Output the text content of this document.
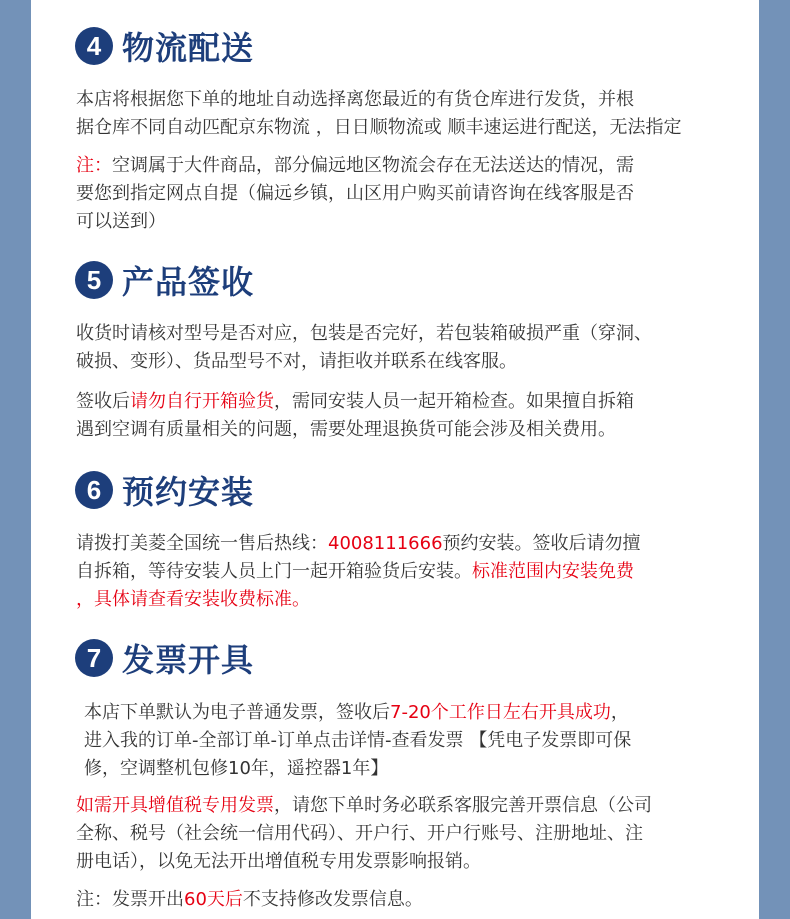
4 物流配送
本店将根据您下单的地址自动选择离您最近的有货仓库进行发货，并根
据仓库不同自动匹配京东物流 ，日日顺物流或 顺丰速运进行配送，无法指定
注：空调属于大件商品，部分偏远地区物流会存在无法送达的情况，需
要您到指定网点自提（偏远乡镇，山区用户购买前请咨询在线客服是否
可以送到）
5 产品签收
收货时请核对型号是否对应，包装是否完好，若包装箱破损严重（穿洞、
破损、变形）、货品型号不对，请拒收并联系在线客服。
签收后请勿自行开箱验货，需同安装人员一起开箱检查。如果擅自拆箱
遇到空调有质量相关的问题，需要处理退换货可能会涉及相关费用。
6 预约安装
请拨打美菱全国统一售后热线：4008111666预约安装。签收后请勿擅
自拆箱，等待安装人员上门一起开箱验货后安装。标准范围内安装免费
，具体请查看安装收费标准。
7 发票开具
本店下单默认为电子普通发票，签收后7-20个工作日左右开具成功，
进入我的订单-全部订单-订单点击详情-查看发票 【凭电子发票即可保
修，空调整机包修10年，遥控器1年】
如需开具增值税专用发票，请您下单时务必联系客服完善开票信息（公司
全称、税号（社会统一信用代码）、开户行、开户行账号、注册地址、注
册电话），以免无法开出增值税专用发票影响报销。
注：发票开出60天后不支持修改发票信息。
